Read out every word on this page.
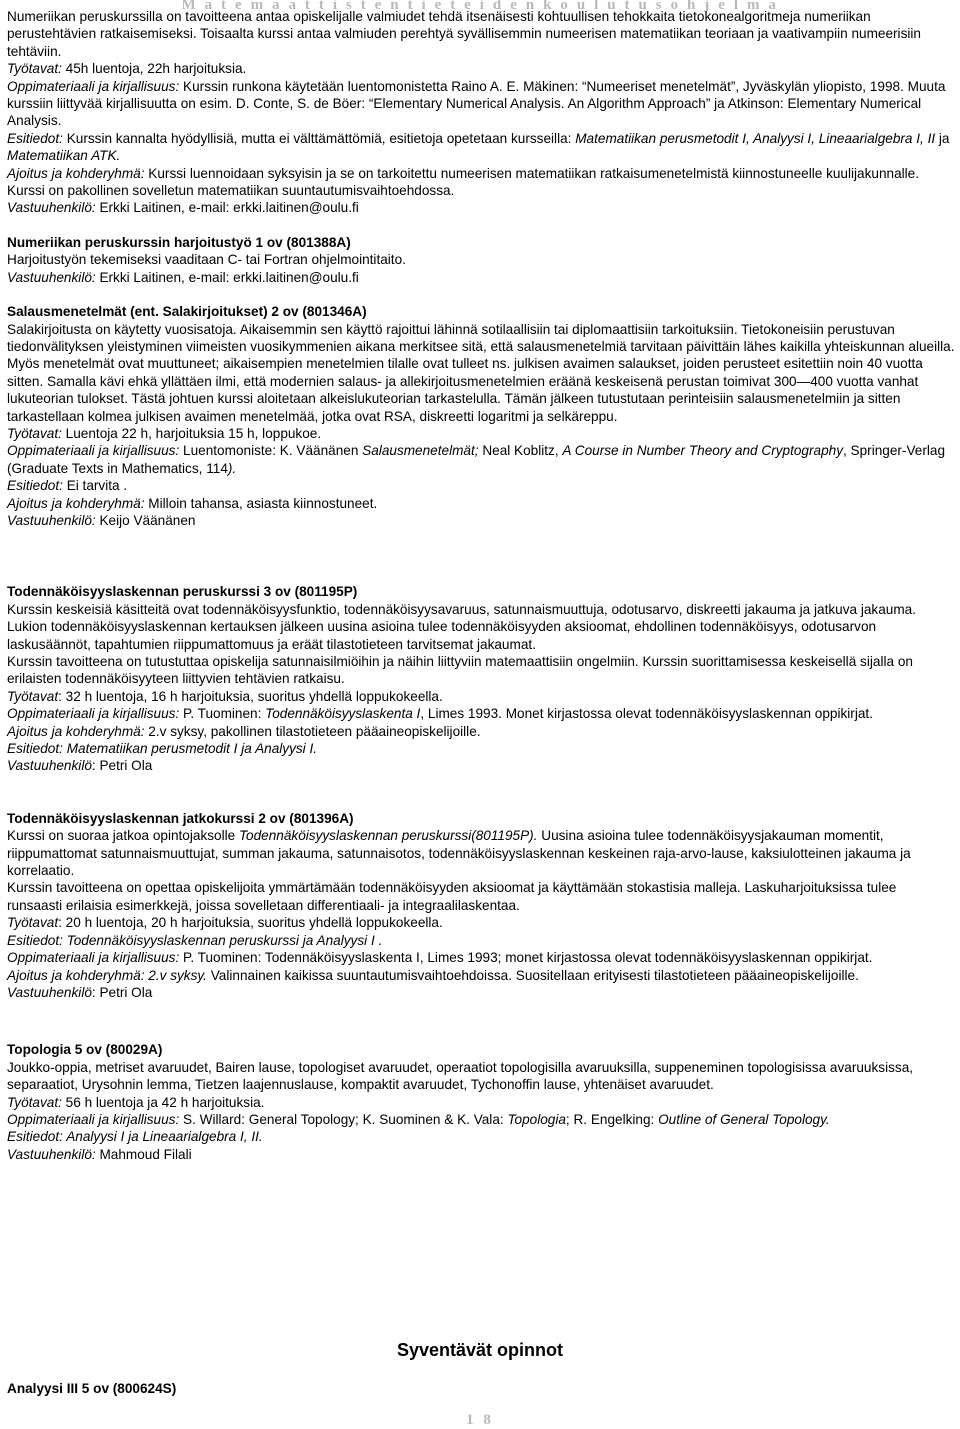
M a t e m a a t t i s t e n t i e t e i d e n k o u l u t u s o h j e l m a

Numeriikan peruskurssilla on tavoitteena antaa opiskelijalle valmiudet tehdä itsenäisesti kohtuullisen tehokkaita tietokonealgoritmeja numeriikan perustehtävien ratkaisemiseksi. Toisaalta kurssi antaa valmiuden perehtyä syvällisemmin numeerisen matematiikan teoriaan ja vaativampiin numeerisiin tehtäviin.

Työtavat: 45h luentoja, 22h harjoituksia.

Oppimateriaali ja kirjallisuus: Kurssin runkona käytetään luentomonistetta Raino A. E. Mäkinen: “Numeeriset menetelmät”, Jyväskylän yliopisto, 1998. Muuta kurssiin liittyvää kirjallisuutta on esim. D. Conte, S. de Böer: “Elementary Numerical Analysis. An Algorithm Approach” ja Atkinson: Elementary Numerical Analysis.

Esitiedot: Kurssin kannalta hyödyllisiä, mutta ei välttämättömiä, esitietoja opetetaan kursseilla: Matematiikan perusmetodit I, Analyysi I, Lineaarialgebra I, II ja Matematiikan ATK.

Ajoitus ja kohderyhmä: Kurssi luennoidaan syksyisin ja se on tarkoitettu numeerisen matematiikan ratkaisumenetelmistä kiinnostuneelle kuulijakunnalle. Kurssi on pakollinen sovelletun matematiikan suuntautumisvaihtoehdossa.

Vastuuhenkilö: Erkki Laitinen, e-mail: erkki.laitinen@oulu.fi

Numeriikan peruskurssin harjoitustyö 1 ov (801388A)

Harjoitustyön tekemiseksi vaaditaan C- tai Fortran ohjelmointitaito.

Vastuuhenkilö: Erkki Laitinen, e-mail: erkki.laitinen@oulu.fi

Salausmenetelmät (ent. Salakirjoitukset) 2 ov (801346A)

Salakirjoitusta on käytetty vuosisatoja. Aikaisemmin sen käyttö rajoittui lähinnä sotilaallisiin tai diplomaattisiin tarkoituksiin. Tietokoneisiin perustuvan tiedonvälityksen yleistyminen viimeisten vuosikymmenien aikana merkitsee sitä, että salausmenetelmiä tarvitaan päivittäin lähes kaikilla yhteiskunnan alueilla. Myös menetelmät ovat muuttuneet; aikaisempien menetelmien tilalle ovat tulleet ns. julkisen avaimen salaukset, joiden perusteet esitettiin noin 40 vuotta sitten. Samalla kävi ehkä yllättäen ilmi, että modernien salaus- ja allekirjoitusmenetelmien eräänä keskeisenä perustan toimivat 300—400 vuotta vanhat lukuteorian tulokset. Tästä johtuen kurssi aloitetaan alkeislukuteorian tarkastelulla. Tämän jälkeen tutustutaan perinteisiin salausmenetelmiin ja sitten tarkastellaan kolmea julkisen avaimen menetelmää, jotka ovat RSA, diskreetti logaritmi ja selkäreppu.

Työtavat: Luentoja 22 h, harjoituksia 15 h, loppukoe.

Oppimateriaali ja kirjallisuus: Luentomoniste: K. Väänänen Salausmenetelmät; Neal Koblitz, A Course in Number Theory and Cryptography, Springer-Verlag (Graduate Texts in Mathematics, 114).

Esitiedot: Ei tarvita .

Ajoitus ja kohderyhmä: Milloin tahansa, asiasta kiinnostuneet.

Vastuuhenkilö: Keijo Väänänen

Todennäköisyyslaskennan peruskurssi 3 ov (801195P)

Kurssin keskeisiä käsitteitä ovat todennäköisyysfunktio, todennäköisyysavaruus, satunnaismuuttuja, odotusarvo, diskreetti jakauma ja jatkuva jakauma. Lukion todennäköisyyslaskennan kertauksen jälkeen uusina asioina tulee todennäköisyyden aksioomat, ehdollinen todennäköisyys, odotusarvon laskusäännöt, tapahtumien riippumattomuus ja eräät tilastotieteen tarvitsemat jakaumat.

Kurssin tavoitteena on tutustuttaa opiskelija satunnaisilmiöihin ja näihin liittyviin matemaattisiin ongelmiin. Kurssin suorittamisessa keskeisellä sijalla on erilaisten todennäköisyyteen liittyvien tehtävien ratkaisu.

Työtavat: 32 h luentoja, 16 h harjoituksia, suoritus yhdellä loppukokeella.

Oppimateriaali ja kirjallisuus: P. Tuominen: Todennäköisyyslaskenta I, Limes 1993. Monet kirjastossa olevat todennäköisyyslaskennan oppikirjat.

Ajoitus ja kohderyhmä: 2.v syksy, pakollinen tilastotieteen pääaineopiskelijoille.

Esitiedot: Matematiikan perusmetodit I ja Analyysi I.

Vastuuhenkilö: Petri Ola

Todennäköisyyslaskennan jatkokurssi 2 ov (801396A)

Kurssi on suoraa jatkoa opintojaksolle Todennäköisyyslaskennan peruskurssi(801195P). Uusina asioina tulee todennäköisyysjakauman momentit, riippumattomat satunnaismuuttujat, summan jakauma, satunnaisotos, todennäköisyyslaskennan keskeinen raja-arvo-lause, kaksiulotteinen jakauma ja korrelaatio.

Kurssin tavoitteena on opettaa opiskelijoita ymmärtämään todennäköisyyden aksioomat ja käyttämään stokastisia malleja. Laskuharjoituksissa tulee runsaasti erilaisia esimerkkejä, joissa sovelletaan differentiaali- ja integraalilaskentaa.

Työtavat: 20 h luentoja, 20 h harjoituksia, suoritus yhdellä loppukokeella.

Esitiedot: Todennäköisyyslaskennan peruskurssi ja Analyysi I .

Oppimateriaali ja kirjallisuus: P. Tuominen: Todennäköisyyslaskenta I, Limes 1993; monet kirjastossa olevat todennäköisyyslaskennan oppikirjat.

Ajoitus ja kohderyhmä: 2.v syksy. Valinnainen kaikissa suuntautumisvaihtoehdoissa. Suositellaan erityisesti tilastotieteen pääaineopiskelijoille.

Vastuuhenkilö: Petri Ola

Topologia 5 ov (80029A)

Joukko-oppia, metriset avaruudet, Bairen lause, topologiset avaruudet, operaatiot topologisilla avaruuksilla, suppeneminen topologisissa avaruuksissa, separaatiot, Urysohnin lemma, Tietzen laajennuslause, kompaktit avaruudet, Tychonoffin lause, yhtenäiset avaruudet.

Työtavat: 56 h luentoja ja 42 h harjoituksia.

Oppimateriaali ja kirjallisuus: S. Willard: General Topology; K. Suominen & K. Vala: Topologia; R. Engelking: Outline of General Topology.

Esitiedot: Analyysi I ja Lineaarialgebra I, II.

Vastuuhenkilö: Mahmoud Filali

Syventävät opinnot
Analyysi III 5 ov (800624S)
1 8
